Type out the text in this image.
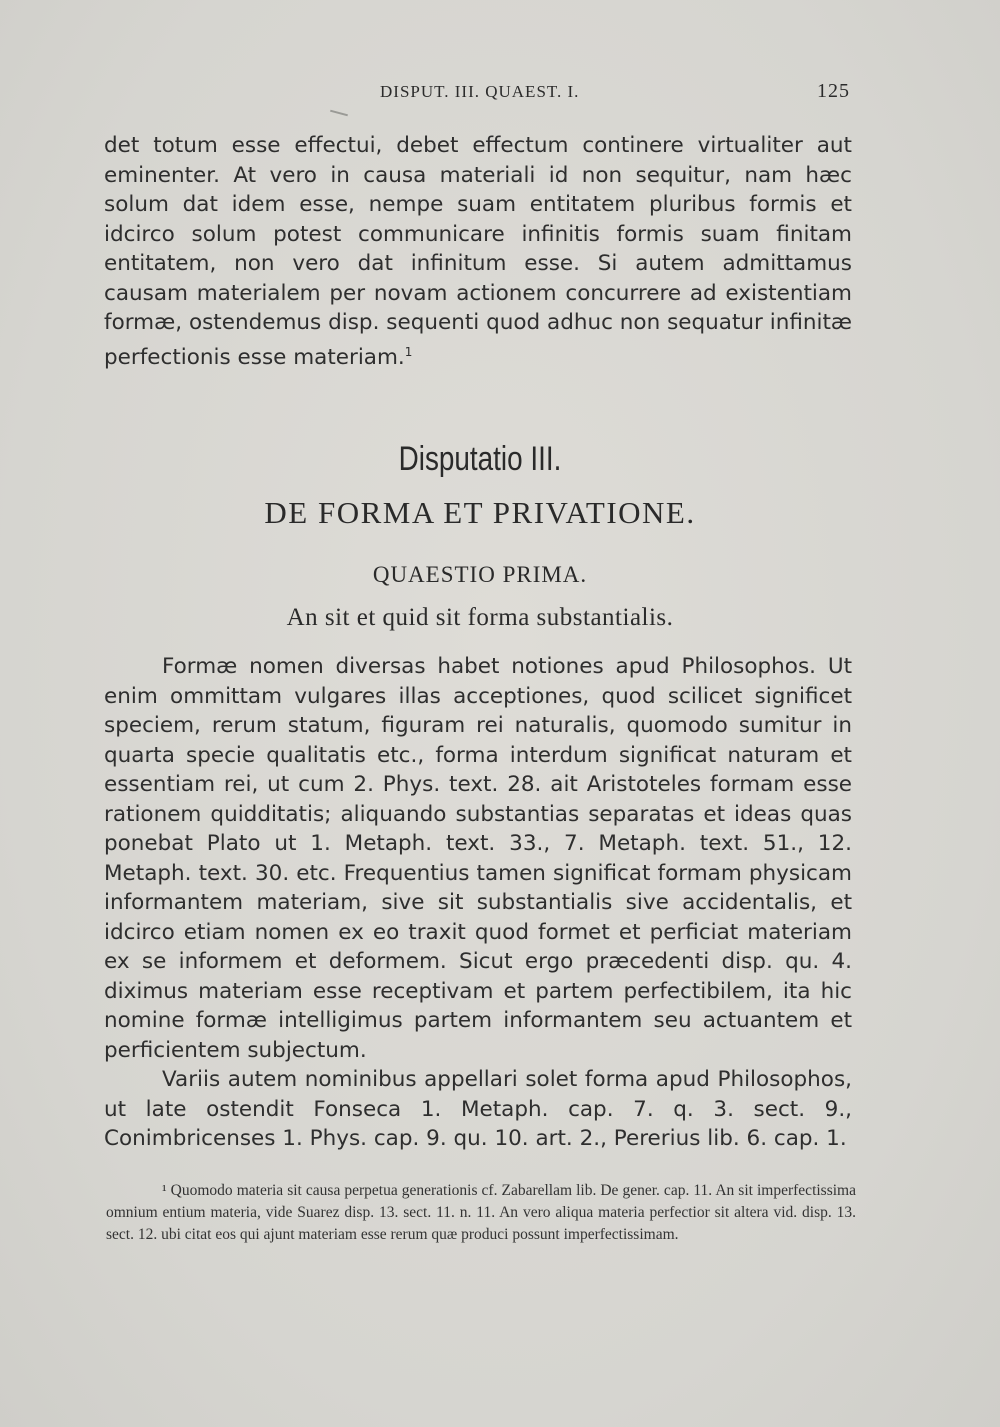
DISPUT. III. QUAEST. I.	125

det totum esse effectui, debet effectum continere virtualiter aut eminenter. At vero in causa materiali id non sequitur, nam hæc solum dat idem esse, nempe suam entitatem pluribus formis et idcirco solum potest communicare infinitis formis suam finitam entitatem, non vero dat infinitum esse. Si autem admittamus causam materialem per novam actionem concurrere ad existentiam formæ, ostendemus disp. sequenti quod adhuc non sequatur infinitæ perfectionis esse materiam.$^1$

Disputatio III.
DE FORMA ET PRIVATIONE.
QUAESTIO PRIMA.
An sit et quid sit forma substantialis.

Formæ nomen diversas habet notiones apud Philosophos. Ut enim ommittam vulgares illas acceptiones, quod scilicet significet speciem, rerum statum, figuram rei naturalis, quomodo sumitur in quarta specie qualitatis etc., forma interdum significat naturam et essentiam rei, ut cum 2. Phys. text. 28. ait Aristoteles formam esse rationem quidditatis; aliquando substantias separatas et ideas quas ponebat Plato ut 1. Metaph. text. 33., 7. Metaph. text. 51., 12. Metaph. text. 30. etc. Frequentius tamen significat formam physicam informantem materiam, sive sit substantialis sive accidentalis, et idcirco etiam nomen ex eo traxit quod formet et perficiat materiam ex se informem et deformem. Sicut ergo præcedenti disp. qu. 4. diximus materiam esse receptivam et partem perfectibilem, ita hic nomine formæ intelligimus partem informantem seu actuantem et perficientem subjectum.

Variis autem nominibus appellari solet forma apud Philosophos, ut late ostendit Fonseca 1. Metaph. cap. 7. q. 3. sect. 9., Conimbricenses 1. Phys. cap. 9. qu. 10. art. 2., Pererius lib. 6. cap. 1.

¹ Quomodo materia sit causa perpetua generationis cf. Zabarellam lib. De gener. cap. 11. An sit imperfectissima omnium entium materia, vide Suarez disp. 13. sect. 11. n. 11. An vero aliqua materia perfectior sit altera vid. disp. 13. sect. 12. ubi citat eos qui ajunt materiam esse rerum quæ produci possunt imperfectissimam.
